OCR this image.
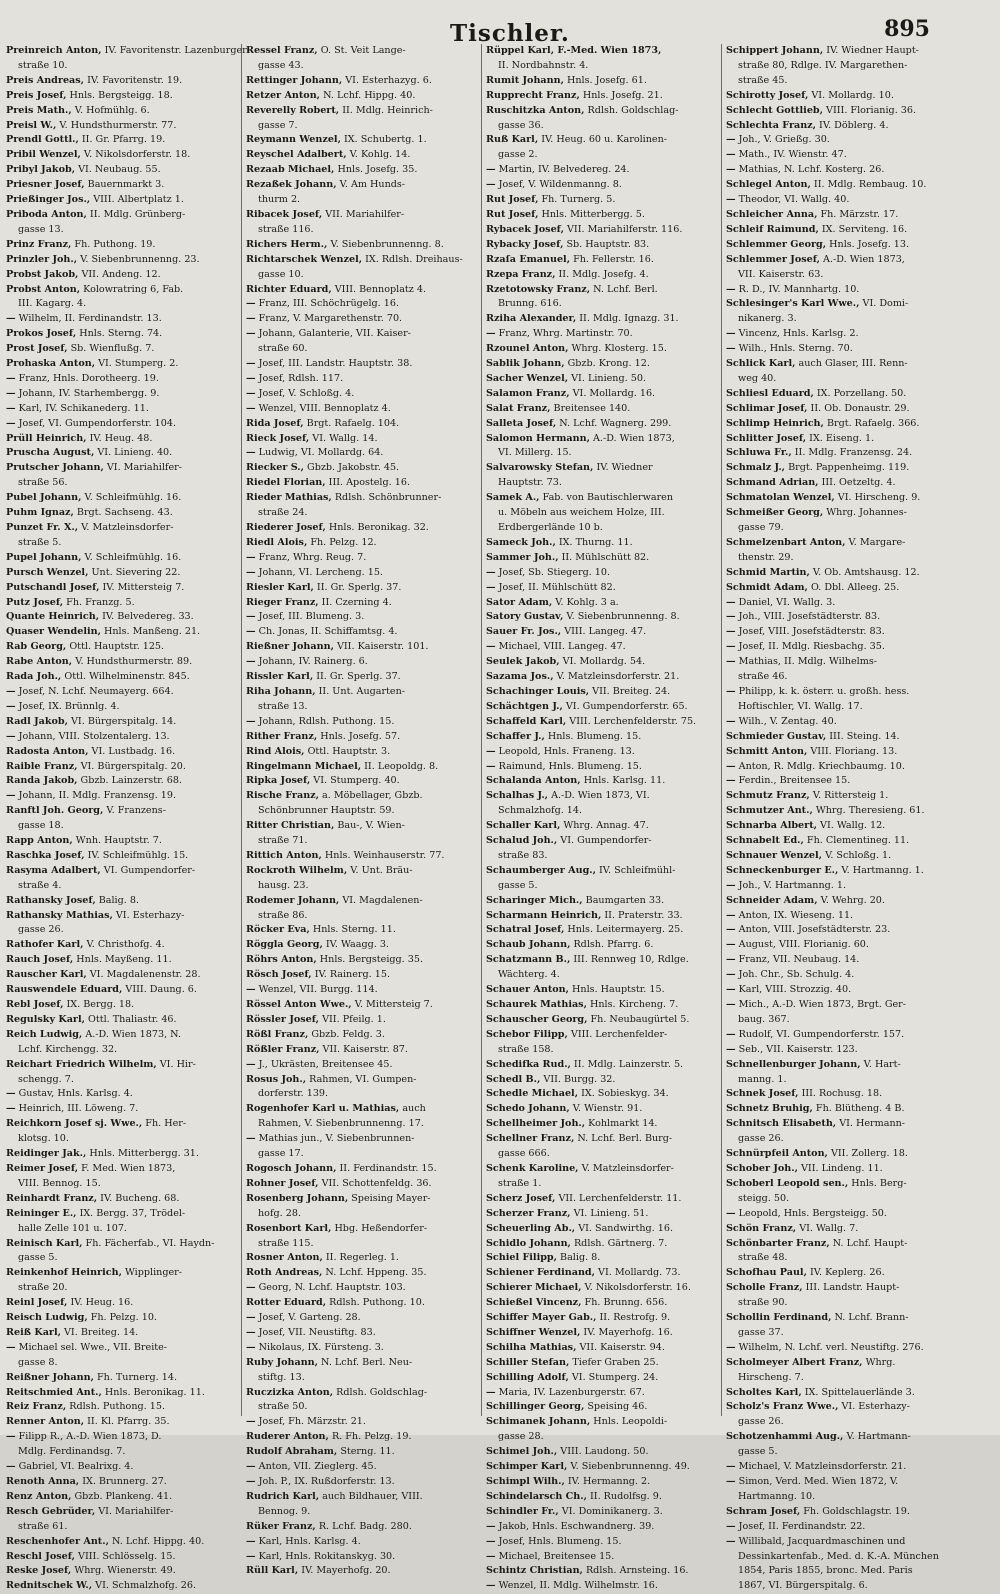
Tischler.	895
Preinreich Anton, IV. Favoritenstr. Lazenburger-
straße 10.
Preis Andreas, IV. Favoritenstr. 19.
Preis Josef, Hnls. Bergsteigg. 18.
Preis Math., V. Hofmühlg. 6.
Preisl W., V. Hundsthurmerstr. 77.
Prendl Gottl., II. Gr. Pfarrg. 19.
Pribil Wenzel, V. Nikolsdorferstr. 18.
Pribyl Jakob, VI. Neubaug. 55.
Priesner Josef, Bauernmarkt 3.
Prießinger Jos., VIII. Albertplatz 1.
Priboda Anton, II. Mdlg. Grünberg-
gasse 13.
Prinz Franz, Fh. Puthong. 19.
Prinzler Joh., V. Siebenbrunnenng. 23.
Probst Jakob, VII. Andeng. 12.
Probst Anton, Kolowratring 6, Fab.
III. Kagarg. 4.
— Wilhelm, II. Ferdinandstr. 13.
Prokos Josef, Hnls. Sterng. 74.
Prost Josef, Sb. Wienflußg. 7.
Prohaska Anton, VI. Stumperg. 2.
— Franz, Hnls. Dorotheerg. 19.
— Johann, IV. Starhembergg. 9.
— Karl, IV. Schikanederg. 11.
— Josef, VI. Gumpendorferstr. 104.
Prüll Heinrich, IV. Heug. 48.
Pruscha August, VI. Linieng. 40.
Prutscher Johann, VI. Mariahilfer-
straße 56.
Pubel Johann, V. Schleifmühlg. 16.
Puhm Ignaz, Brgt. Sachseng. 43.
Punzet Fr. X., V. Matzleinsdorfer-
straße 5.
Pupel Johann, V. Schleifmühlg. 16.
Pursch Wenzel, Unt. Sievering 22.
Putschandl Josef, IV. Mittersteig 7.
Putz Josef, Fh. Franzg. 5.
Quante Heinrich, IV. Belvedereg. 33.
Quaser Wendelin, Hnls. Manßeng. 21.
Rab Georg, Ottl. Hauptstr. 125.
Rabe Anton, V. Hundsthurmerstr. 89.
Rada Joh., Ottl. Wilhelminenstr. 845.
— Josef, N. Lchf. Neumayerg. 664.
— Josef, IX. Brünnlg. 4.
Radl Jakob, VI. Bürgerspitalg. 14.
— Johann, VIII. Stolzentalerg. 13.
Radosta Anton, VI. Lustbadg. 16.
Raible Franz, VI. Bürgerspitalg. 20.
Randa Jakob, Gbzb. Lainzerstr. 68.
— Johann, II. Mdlg. Franzensg. 19.
Ranftl Joh. Georg, V. Franzens-
gasse 18.
Rapp Anton, Wnh. Hauptstr. 7.
Raschka Josef, IV. Schleifmühlg. 15.
Rasyma Adalbert, VI. Gumpendorfer-
straße 4.
Rathansky Josef, Balig. 8.
Rathansky Mathias, VI. Esterhazy-
gasse 26.
Rathofer Karl, V. Christhofg. 4.
Rauch Josef, Hnls. Mayßeng. 11.
Rauscher Karl, VI. Magdalenenstr. 28.
Rauswendele Eduard, VIII. Daung. 6.
Rebl Josef, IX. Bergg. 18.
Regulsky Karl, Ottl. Thaliastr. 46.
Reich Ludwig, A.-D. Wien 1873, N.
Lchf. Kirchengg. 32.
Reichart Friedrich Wilhelm, VI. Hir-
schengg. 7.
— Gustav, Hnls. Karlsg. 4.
— Heinrich, III. Löweng. 7.
Reichkorn Josef sj. Wwe., Fh. Her-
klotsg. 10.
Reidinger Jak., Hnls. Mitterbergg. 31.
Reimer Josef, F. Med. Wien 1873,
VIII. Bennog. 15.
Reinhardt Franz, IV. Bucheng. 68.
Reininger E., IX. Bergg. 37, Trödel-
halle Zelle 101 u. 107.
Reinisch Karl, Fh. Fächerfab., VI. Haydn-
gasse 5.
Reinkenhof Heinrich, Wipplinger-
straße 20.
Reinl Josef, IV. Heug. 16.
Reisch Ludwig, Fh. Pelzg. 10.
Reiß Karl, VI. Breiteg. 14.
— Michael sel. Wwe., VII. Breite-
gasse 8.
Reißner Johann, Fh. Turnerg. 14.
Reitschmied Ant., Hnls. Beronikag. 11.
Reiz Franz, Rdlsh. Puthong. 15.
Renner Anton, II. Kl. Pfarrg. 35.
— Filipp R., A.-D. Wien 1873, D.
Mdlg. Ferdinandsg. 7.
— Gabriel, VI. Bealrixg. 4.
Renoth Anna, IX. Brunnerg. 27.
Renz Anton, Gbzb. Plankeng. 41.
Resch Gebrüder, VI. Mariahilfer-
straße 61.
Reschenhofer Ant., N. Lchf. Hippg. 40.
Reschl Josef, VIII. Schlösselg. 15.
Reske Josef, Whrg. Wienerstr. 49.
Rednitschek W., VI. Schmalzhofg. 26.
Ressel Franz, O. St. Veit Lange-
gasse 43.
Rettinger Johann, VI. Esterhazyg. 6.
Retzer Anton, N. Lchf. Hippg. 40.
Reverelly Robert, II. Mdlg. Heinrich-
gasse 7.
Reymann Wenzel, IX. Schubertg. 1.
Reyschel Adalbert, V. Kohlg. 14.
Rezaab Michael, Hnls. Josefg. 35.
Rezaßek Johann, V. Am Hunds-
thurm 2.
Ribacek Josef, VII. Mariahilfer-
straße 116.
Richers Herm., V. Siebenbrunnenng. 8.
Richtarschek Wenzel, IX. Rdlsh. Dreihaus-
gasse 10.
Richter Eduard, VIII. Bennoplatz 4.
— Franz, III. Schöchrügelg. 16.
— Franz, V. Margarethenstr. 70.
— Johann, Galanterie, VII. Kaiser-
straße 60.
— Josef, III. Landstr. Hauptstr. 38.
— Josef, Rdlsh. 117.
— Josef, V. Schloßg. 4.
— Wenzel, VIII. Bennoplatz 4.
Rida Josef, Brgt. Rafaelg. 104.
Rieck Josef, VI. Wallg. 14.
— Ludwig, VI. Mollardg. 64.
Riecker S., Gbzb. Jakobstr. 45.
Riedel Florian, III. Apostelg. 16.
Rieder Mathias, Rdlsh. Schönbrunner-
straße 24.
Riederer Josef, Hnls. Beronikag. 32.
Riedl Alois, Fh. Pelzg. 12.
— Franz, Whrg. Reug. 7.
— Johann, VI. Lercheng. 15.
Riesler Karl, II. Gr. Sperlg. 37.
Rieger Franz, II. Czerning 4.
— Josef, III. Blumeng. 3.
— Ch. Jonas, II. Schiffamtsg. 4.
Rießner Johann, VII. Kaiserstr. 101.
— Johann, IV. Rainerg. 6.
Rissler Karl, II. Gr. Sperlg. 37.
Riha Johann, II. Unt. Augarten-
straße 13.
— Johann, Rdlsh. Puthong. 15.
Rither Franz, Hnls. Josefg. 57.
Rind Alois, Ottl. Hauptstr. 3.
Ringelmann Michael, II. Leopoldg. 8.
Ripka Josef, VI. Stumperg. 40.
Rische Franz, a. Möbellager, Gbzb.
Schönbrunner Hauptstr. 59.
Ritter Christian, Bau-, V. Wien-
straße 71.
Rittich Anton, Hnls. Weinhauserstr. 77.
Rockroth Wilhelm, V. Unt. Bräu-
hausg. 23.
Rodemer Johann, VI. Magdalenen-
straße 86.
Röcker Eva, Hnls. Sterng. 11.
Röggla Georg, IV. Waagg. 3.
Röhrs Anton, Hnls. Bergsteigg. 35.
Rösch Josef, IV. Rainerg. 15.
— Wenzel, VII. Burgg. 114.
Rössel Anton Wwe., V. Mittersteig 7.
Rössler Josef, VII. Pfeilg. 1.
Rößl Franz, Gbzb. Feldg. 3.
Rößler Franz, VII. Kaiserstr. 87.
— J., Ukrästen, Breitensee 45.
Rosus Joh., Rahmen, VI. Gumpen-
dorferstr. 139.
Rogenhofer Karl u. Mathias, auch
Rahmen, V. Siebenbrunnenng. 17.
— Mathias jun., V. Siebenbrunnen-
gasse 17.
Rogosch Johann, II. Ferdinandstr. 15.
Rohner Josef, VII. Schottenfeldg. 36.
Rosenberg Johann, Speising Mayer-
hofg. 28.
Rosenbort Karl, Hbg. Heßendorfer-
straße 115.
Rosner Anton, II. Regerleg. 1.
Roth Andreas, N. Lchf. Hppeng. 35.
— Georg, N. Lchf. Hauptstr. 103.
Rotter Eduard, Rdlsh. Puthong. 10.
— Josef, V. Garteng. 28.
— Josef, VII. Neustiftg. 83.
— Nikolaus, IX. Fürsteng. 3.
Ruby Johann, N. Lchf. Berl. Neu-
stiftg. 13.
Ruczizka Anton, Rdlsh. Goldschlag-
straße 50.
— Josef, Fh. Märzstr. 21.
Ruderer Anton, R. Fh. Pelzg. 19.
Rudolf Abraham, Sterng. 11.
— Anton, VII. Zieglerg. 45.
— Joh. P., IX. Rußdorferstr. 13.
Rudrich Karl, auch Bildhauer, VIII.
Bennog. 9.
Rüker Franz, R. Lchf. Badg. 280.
— Karl, Hnls. Karlsg. 4.
— Karl, Hnls. Rokitanskyg. 30.
Rüll Karl, IV. Mayerhofg. 20.
Rüppel Karl, F.-Med. Wien 1873,
II. Nordbahnstr. 4.
Rumit Johann, Hnls. Josefg. 61.
Rupprecht Franz, Hnls. Josefg. 21.
Ruschitzka Anton, Rdlsh. Goldschlag-
gasse 36.
Ruß Karl, IV. Heug. 60 u. Karolinen-
gasse 2.
— Martin, IV. Belvedereg. 24.
— Josef, V. Wildenmanng. 8.
Rut Josef, Fh. Turnerg. 5.
Rut Josef, Hnls. Mitterbergg. 5.
Rybacek Josef, VII. Mariahilferstr. 116.
Rybacky Josef, Sb. Hauptstr. 83.
Rzaſa Emanuel, Fh. Fellerstr. 16.
Rzepa Franz, II. Mdlg. Josefg. 4.
Rzetotowsky Franz, N. Lchf. Berl.
Brunng. 616.
Rziha Alexander, II. Mdlg. Ignazg. 31.
— Franz, Whrg. Martinstr. 70.
Rzounel Anton, Whrg. Klosterg. 15.
Sablik Johann, Gbzb. Krong. 12.
Sacher Wenzel, VI. Linieng. 50.
Salamon Franz, VI. Mollardg. 16.
Salat Franz, Breitensee 140.
Salleta Josef, N. Lchf. Wagnerg. 299.
Salomon Hermann, A.-D. Wien 1873,
VI. Millerg. 15.
Salvarowsky Stefan, IV. Wiedner
Hauptstr. 73.
Samek A., Fab. von Bautischlerwaren
u. Möbeln aus weichem Holze, III.
Erdbergerlände 10 b.
Sameck Joh., IX. Thurng. 11.
Sammer Joh., II. Mühlschütt 82.
— Josef, Sb. Stiegerg. 10.
— Josef, II. Mühlschütt 82.
Sator Adam, V. Kohlg. 3 a.
Satory Gustav, V. Siebenbrunnenng. 8.
Sauer Fr. Jos., VIII. Langeg. 47.
— Michael, VIII. Langeg. 47.
Seulek Jakob, VI. Mollardg. 54.
Sazama Jos., V. Matzleinsdorferstr. 21.
Schachinger Louis, VII. Breiteg. 24.
Schächtgen J., VI. Gumpendorferstr. 65.
Schaffeld Karl, VIII. Lerchenfelderstr. 75.
Schaffer J., Hnls. Blumeng. 15.
— Leopold, Hnls. Franeng. 13.
— Raimund, Hnls. Blumeng. 15.
Schalanda Anton, Hnls. Karlsg. 11.
Schalhas J., A.-D. Wien 1873, VI.
Schmalzhofg. 14.
Schaller Karl, Whrg. Annag. 47.
Schalud Joh., VI. Gumpendorfer-
straße 83.
Schaumberger Aug., IV. Schleifmühl-
gasse 5.
Scharinger Mich., Baumgarten 33.
Scharmann Heinrich, II. Praterstr. 33.
Schatral Josef, Hnls. Leitermayerg. 25.
Schaub Johann, Rdlsh. Pfarrg. 6.
Schatzmann B., III. Rennweg 10, Rdlge.
Wächterg. 4.
Schauer Anton, Hnls. Hauptstr. 15.
Schaurek Mathias, Hnls. Kircheng. 7.
Schauscher Georg, Fh. Neubaugürtel 5.
Schebor Filipp, VIII. Lerchenfelder-
straße 158.
Schedifka Rud., II. Mdlg. Lainzerstr. 5.
Schedl B., VII. Burgg. 32.
Schedle Michael, IX. Sobieskyg. 34.
Schedo Johann, V. Wienstr. 91.
Schellheimer Joh., Kohlmarkt 14.
Schellner Franz, N. Lchf. Berl. Burg-
gasse 666.
Schenk Karoline, V. Matzleinsdorfer-
straße 1.
Scherz Josef, VII. Lerchenfelderstr. 11.
Scherzer Franz, VI. Linieng. 51.
Scheuerling Ab., VI. Sandwirthg. 16.
Schidlo Johann, Rdlsh. Gärtnerg. 7.
Schiel Filipp, Balig. 8.
Schiener Ferdinand, VI. Mollardg. 73.
Schierer Michael, V. Nikolsdorferstr. 16.
Schießel Vincenz, Fh. Brunng. 656.
Schiffer Mayer Gab., II. Restrofg. 9.
Schiffner Wenzel, IV. Mayerhofg. 16.
Schilha Mathias, VII. Kaiserstr. 94.
Schiller Stefan, Tiefer Graben 25.
Schilling Adolf, VI. Stumperg. 24.
— Maria, IV. Lazenburgerstr. 67.
Schillinger Georg, Speising 46.
Schimanek Johann, Hnls. Leopoldi-
gasse 28.
Schimel Joh., VIII. Laudong. 50.
Schimper Karl, V. Siebenbrunnenng. 49.
Schimpl Wilh., IV. Hermanng. 2.
Schindelarsch Ch., II. Rudolfsg. 9.
Schindler Fr., VI. Dominikanerg. 3.
— Jakob, Hnls. Eschwandnerg. 39.
— Josef, Hnls. Blumeng. 15.
— Michael, Breitensee 15.
Schintz Christian, Rdlsh. Arnsteing. 16.
— Wenzel, II. Mdlg. Wilhelmstr. 16.
Schippert Johann, IV. Wiedner Haupt-
straße 80, Rdlge. IV. Margarethen-
straße 45.
Schirotty Josef, VI. Mollardg. 10.
Schlecht Gottlieb, VIII. Florianig. 36.
Schlechta Franz, IV. Döblerg. 4.
— Joh., V. Grießg. 30.
— Math., IV. Wienstr. 47.
— Mathias, N. Lchf. Kosterg. 26.
Schlegel Anton, II. Mdlg. Rembaug. 10.
— Theodor, VI. Wallg. 40.
Schleicher Anna, Fh. Märzstr. 17.
Schleif Raimund, IX. Serviteng. 16.
Schlemmer Georg, Hnls. Josefg. 13.
Schlemmer Josef, A.-D. Wien 1873,
VII. Kaiserstr. 63.
— R. D., IV. Mannhartg. 10.
Schlesinger's Karl Wwe., VI. Domi-
nikanerg. 3.
— Vincenz, Hnls. Karlsg. 2.
— Wilh., Hnls. Sterng. 70.
Schlick Karl, auch Glaser, III. Renn-
weg 40.
Schliesl Eduard, IX. Porzellang. 50.
Schlimar Josef, II. Ob. Donaustr. 29.
Schlimp Heinrich, Brgt. Rafaelg. 366.
Schlitter Josef, IX. Eiseng. 1.
Schluwa Fr., II. Mdlg. Franzensg. 24.
Schmalz J., Brgt. Pappenheimg. 119.
Schmand Adrian, III. Oetzeltg. 4.
Schmatolan Wenzel, VI. Hirscheng. 9.
Schmeißer Georg, Whrg. Johannes-
gasse 79.
Schmelzenbart Anton, V. Margare-
thenstr. 29.
Schmid Martin, V. Ob. Amtshausg. 12.
Schmidt Adam, O. Dbl. Alleeg. 25.
— Daniel, VI. Wallg. 3.
— Joh., VIII. Josefstädterstr. 83.
— Josef, VIII. Josefstädterstr. 83.
— Josef, II. Mdlg. Riesbachg. 35.
— Mathias, II. Mdlg. Wilhelms-
straße 46.
— Philipp, k. k. österr. u. großh. hess.
Hoftischler, VI. Wallg. 17.
— Wilh., V. Zentag. 40.
Schmieder Gustav, III. Steing. 14.
Schmitt Anton, VIII. Floriang. 13.
— Anton, R. Mdlg. Kriechbaumg. 10.
— Ferdin., Breitensee 15.
Schmutz Franz, V. Rittersteig 1.
Schmutzer Ant., Whrg. Theresieng. 61.
Schnarba Albert, VI. Wallg. 12.
Schnabelt Ed., Fh. Clementineg. 11.
Schnauer Wenzel, V. Schloßg. 1.
Schneckenburger E., V. Hartmanng. 1.
— Joh., V. Hartmanng. 1.
Schneider Adam, V. Wehrg. 20.
— Anton, IX. Wieseng. 11.
— Anton, VIII. Josefstädterstr. 23.
— August, VIII. Florianig. 60.
— Franz, VII. Neubaug. 14.
— Joh. Chr., Sb. Schulg. 4.
— Karl, VIII. Strozzig. 40.
— Mich., A.-D. Wien 1873, Brgt. Ger-
baug. 367.
— Rudolf, VI. Gumpendorferstr. 157.
— Seb., VII. Kaiserstr. 123.
Schnellenburger Johann, V. Hart-
manng. 1.
Schnek Josef, III. Rochusg. 18.
Schnetz Bruhig, Fh. Blütheng. 4 B.
Schnitsch Elisabeth, VI. Hermann-
gasse 26.
Schnürpfeil Anton, VII. Zollerg. 18.
Schober Joh., VII. Lindeng. 11.
Schoberl Leopold sen., Hnls. Berg-
steigg. 50.
— Leopold, Hnls. Bergsteigg. 50.
Schön Franz, VI. Wallg. 7.
Schönbarter Franz, N. Lchf. Haupt-
straße 48.
Schofhau Paul, IV. Keplerg. 26.
Scholle Franz, III. Landstr. Haupt-
straße 90.
Schollin Ferdinand, N. Lchf. Brann-
gasse 37.
— Wilhelm, N. Lchf. verl. Neustiftg. 276.
Scholmeyer Albert Franz, Whrg.
Hirscheng. 7.
Scholtes Karl, IX. Spittelauerlände 3.
Scholz's Franz Wwe., VI. Esterhazy-
gasse 26.
Schotzenhammi Aug., V. Hartmann-
gasse 5.
— Michael, V. Matzleinsdorferstr. 21.
— Simon, Verd. Med. Wien 1872, V.
Hartmanng. 10.
Schram Josef, Fh. Goldschlagstr. 19.
— Josef, II. Ferdinandstr. 22.
— Willibald, Jacquardmaschinen und
Dessinkartenfab., Med. d. K.-A. München
1854, Paris 1855, bronc. Med. Paris
1867, VI. Bürgerspitalg. 6.
